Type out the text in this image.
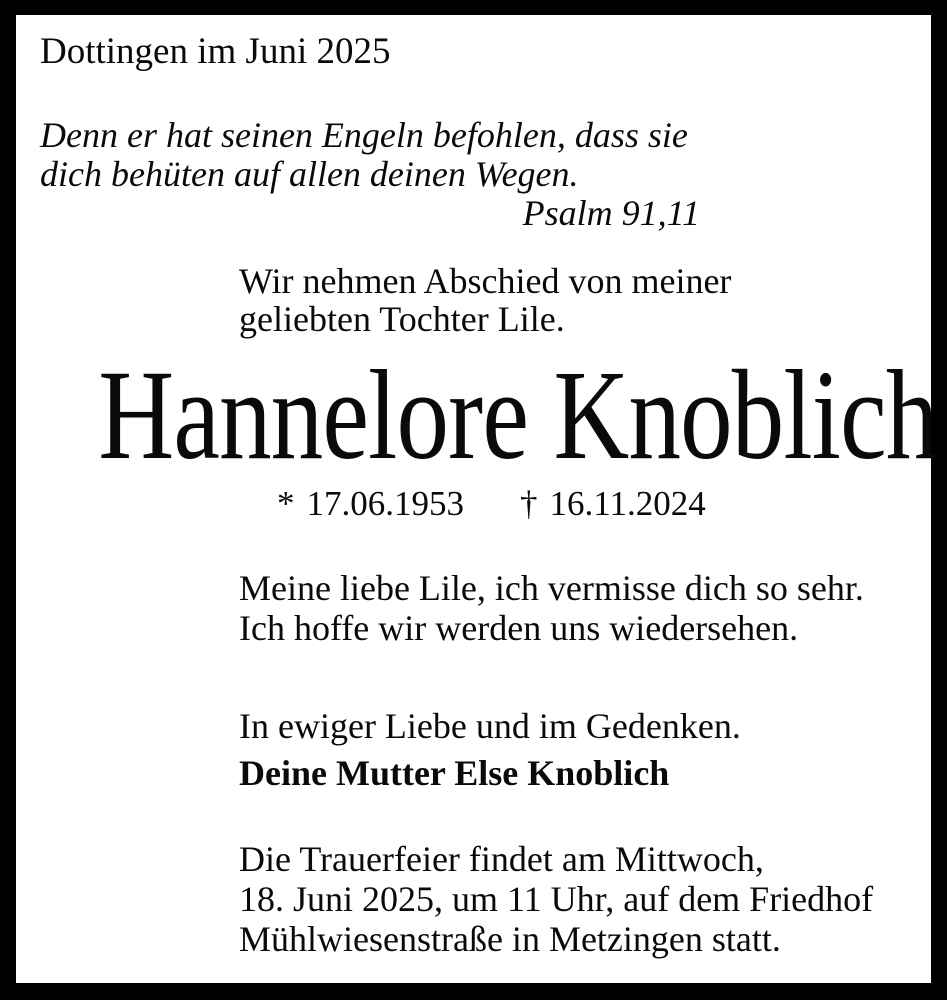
Dottingen im Juni 2025
Denn er hat seinen Engeln befohlen, dass sie
dich behüten auf allen deinen Wegen.
Psalm 91,11
Wir nehmen Abschied von meiner
geliebten Tochter Lile.
Hannelore Knoblich
* 17.06.1953 † 16.11.2024
Meine liebe Lile, ich vermisse dich so sehr.
Ich hoffe wir werden uns wiedersehen.
In ewiger Liebe und im Gedenken.
Deine Mutter Else Knoblich
Die Trauerfeier findet am Mittwoch,
18. Juni 2025, um 11 Uhr, auf dem Friedhof
Mühlwiesenstraße in Metzingen statt.
